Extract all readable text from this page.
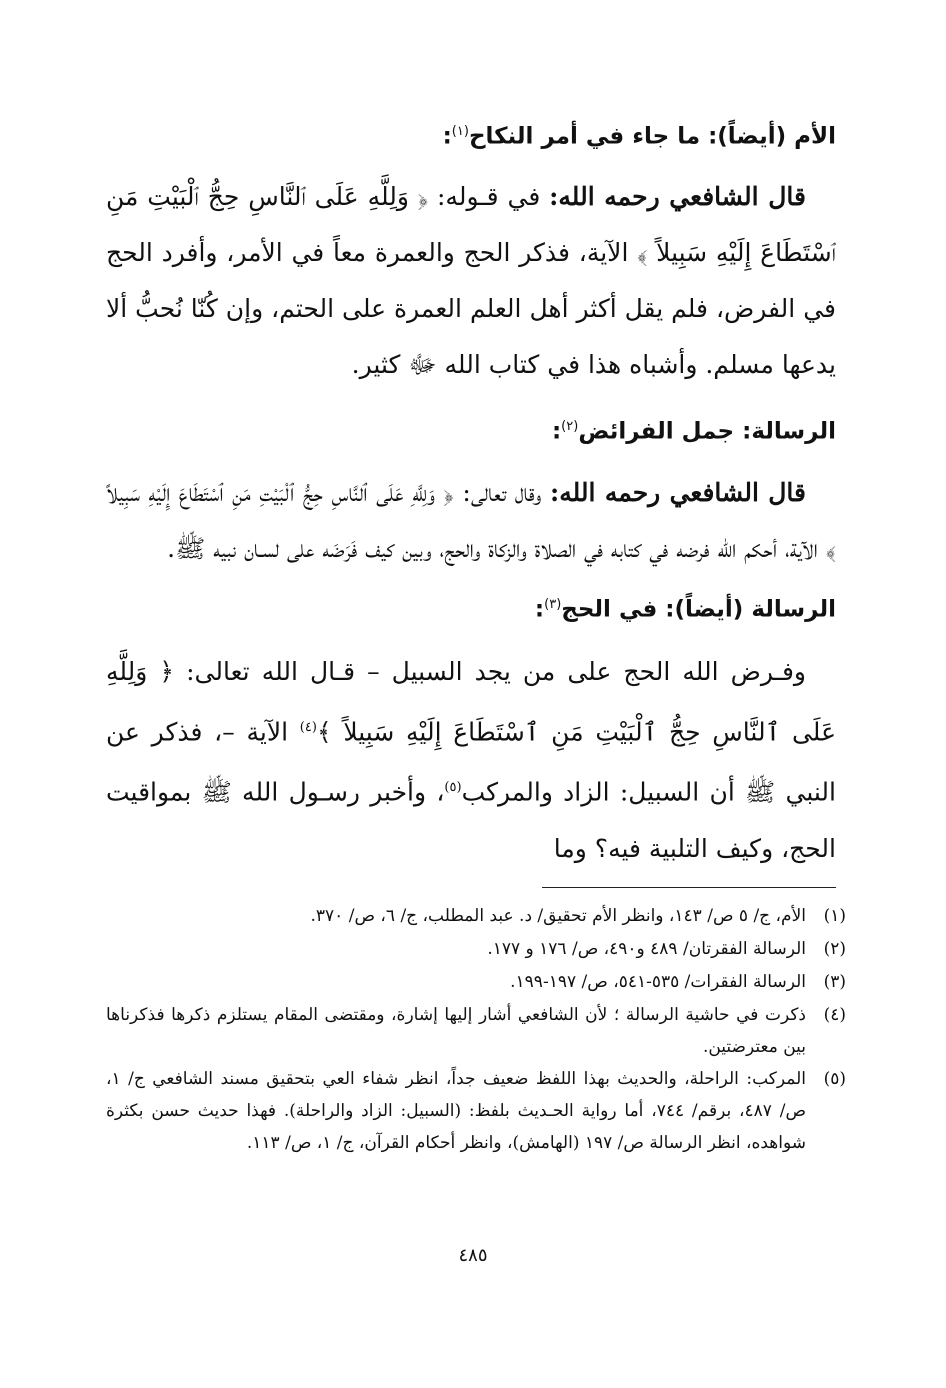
الأم (أيضاً): ما جاء في أمر النكاح$^{(١)}$:

قال الشافعي رحمه الله: في قـوله: ﴿ وَلِلَّهِ عَلَى ٱلنَّاسِ حِجُّ ٱلْبَيْتِ مَنِ ٱسْتَطَاعَ إِلَيْهِ سَبِيلاً ﴾ الآية، فذكر الحج والعمرة معاً في الأمر، وأفرد الحج في الفرض، فلم يقل أكثر أهل العلم العمرة على الحتم، وإن كُنّا نُحبُّ ألا يدعها مسلم. وأشباه هذا في كتاب الله ﷻ كثير.

الرسالة: جمل الفرائض$^{(٢)}$:

قال الشافعي رحمه الله: وقال تعالى: ﴿ وَلِلَّهِ عَلَى ٱلنَّاسِ حِجُّ ٱلْبَيْتِ مَنِ ٱسْتَطَاعَ إِلَيْهِ سَبِيلاً ﴾ الآية، أحكم الله فرضه في كتابه في الصلاة والزكاة والحج، وبين كيف فَرَضَه على لسـان نبيه ﷺ.

الرسالة (أيضاً): في الحج$^{(٣)}$:

وفـرض الله الحج على من يجد السبيل – قـال الله تعالى: ﴿ وَلِلَّهِ عَلَى ٱلنَّاسِ حِجُّ ٱلْبَيْتِ مَنِ ٱسْتَطَاعَ إِلَيْهِ سَبِيلاً ﴾$^{(٤)}$ الآية –، فذكر عن النبي ﷺ أن السبيل: الزاد والمركب$^{(٥)}$، وأخبر رسـول الله ﷺ بمواقيت الحج، وكيف التلبية فيه؟ وما

(١)
الأم، ج/ ٥ ص/ ١٤٣، وانظر الأم تحقيق/ د. عبد المطلب، ج/ ٦، ص/ ٣٧٠.
(٢)
الرسالة الفقرتان/ ٤٨٩ و٤٩٠، ص/ ١٧٦ و ١٧٧.
(٣)
الرسالة الفقرات/ ٥٣٥-٥٤١، ص/ ١٩٧-١٩٩.
(٤)
ذكرت في حاشية الرسالة ؛ لأن الشافعي أشار إليها إشارة، ومقتضى المقام يستلزم ذكرها فذكرناها بين معترضتين.
(٥)
المركب: الراحلة، والحديث بهذا اللفظ ضعيف جداً، انظر شفاء العي بتحقيق مسند الشافعي ج/ ١، ص/ ٤٨٧، برقم/ ٧٤٤، أما رواية الحـديث بلفظ: (السبيل: الزاد والراحلة). فهذا حديث حسن بكثرة شواهده، انظر الرسالة ص/ ١٩٧ (الهامش)، وانظر أحكام القرآن، ج/ ١، ص/ ١١٣.
٤٨٥
